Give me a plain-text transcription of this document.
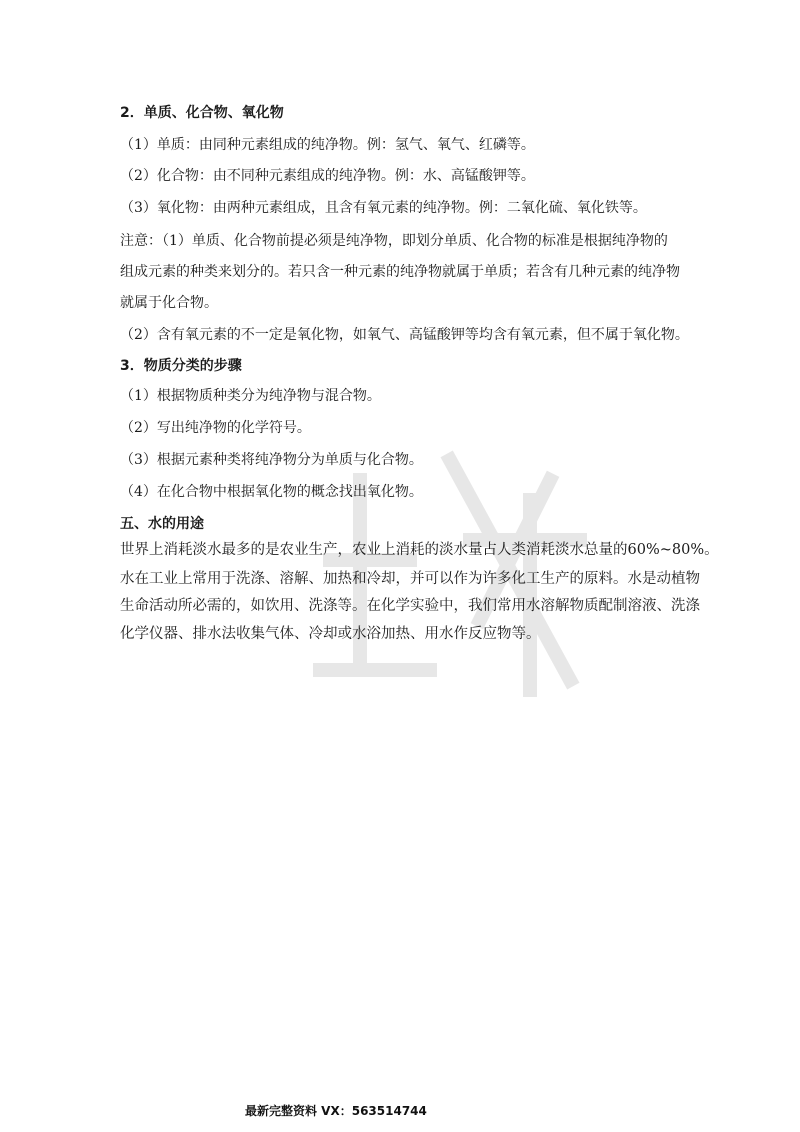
2．单质、化合物、氧化物
（1）单质：由同种元素组成的纯净物。例：氢气、氧气、红磷等。
（2）化合物：由不同种元素组成的纯净物。例：水、高锰酸钾等。
（3）氧化物：由两种元素组成，且含有氧元素的纯净物。例：二氧化硫、氧化铁等。
注意：（1）单质、化合物前提必须是纯净物，即划分单质、化合物的标准是根据纯净物的
组成元素的种类来划分的。若只含一种元素的纯净物就属于单质；若含有几种元素的纯净物
就属于化合物。
（2）含有氧元素的不一定是氧化物，如氧气、高锰酸钾等均含有氧元素，但不属于氧化物。
3．物质分类的步骤
（1）根据物质种类分为纯净物与混合物。
（2）写出纯净物的化学符号。
（3）根据元素种类将纯净物分为单质与化合物。
（4）在化合物中根据氧化物的概念找出氧化物。
五、水的用途
世界上消耗淡水最多的是农业生产，农业上消耗的淡水量占人类消耗淡水总量的60%~80%。
水在工业上常用于洗涤、溶解、加热和冷却，并可以作为许多化工生产的原料。水是动植物
生命活动所必需的，如饮用、洗涤等。在化学实验中，我们常用水溶解物质配制溶液、洗涤
化学仪器、排水法收集气体、冷却或水浴加热、用水作反应物等。
最新完整资料 VX：563514744
